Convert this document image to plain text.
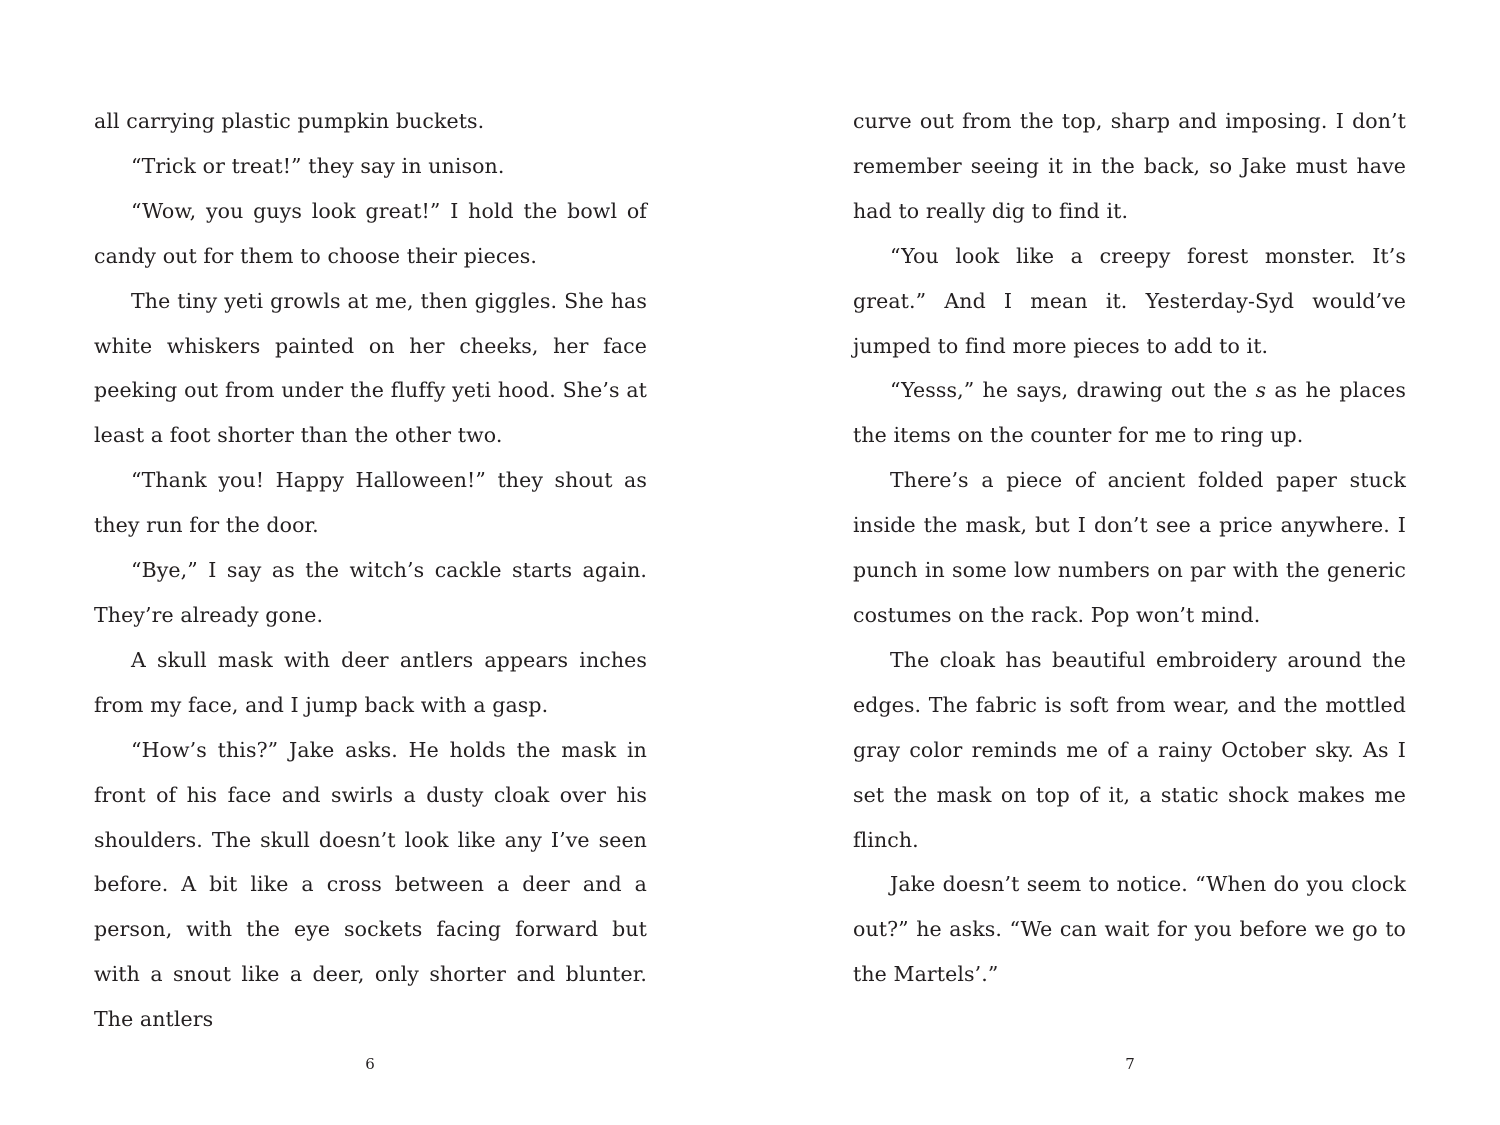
all carrying plastic pumpkin buckets.

“Trick or treat!” they say in unison.

“Wow, you guys look great!” I hold the bowl of candy out for them to choose their pieces.

The tiny yeti growls at me, then giggles. She has white whiskers painted on her cheeks, her face peeking out from under the fluffy yeti hood. She’s at least a foot shorter than the other two.

“Thank you! Happy Halloween!” they shout as they run for the door.

“Bye,” I say as the witch’s cackle starts again. They’re already gone.

A skull mask with deer antlers appears inches from my face, and I jump back with a gasp.

“How’s this?” Jake asks. He holds the mask in front of his face and swirls a dusty cloak over his shoulders. The skull doesn’t look like any I’ve seen before. A bit like a cross between a deer and a person, with the eye sockets facing forward but with a snout like a deer, only shorter and blunter. The antlers

curve out from the top, sharp and imposing. I don’t remember seeing it in the back, so Jake must have had to really dig to find it.

“You look like a creepy forest monster. It’s great.” And I mean it. Yesterday-Syd would’ve jumped to find more pieces to add to it.

“Yesss,” he says, drawing out the s as he places the items on the counter for me to ring up.

There’s a piece of ancient folded paper stuck inside the mask, but I don’t see a price anywhere. I punch in some low numbers on par with the generic costumes on the rack. Pop won’t mind.

The cloak has beautiful embroidery around the edges. The fabric is soft from wear, and the mottled gray color reminds me of a rainy October sky. As I set the mask on top of it, a static shock makes me flinch.

Jake doesn’t seem to notice. “When do you clock out?” he asks. “We can wait for you before we go to the Martels’.”

6	7
